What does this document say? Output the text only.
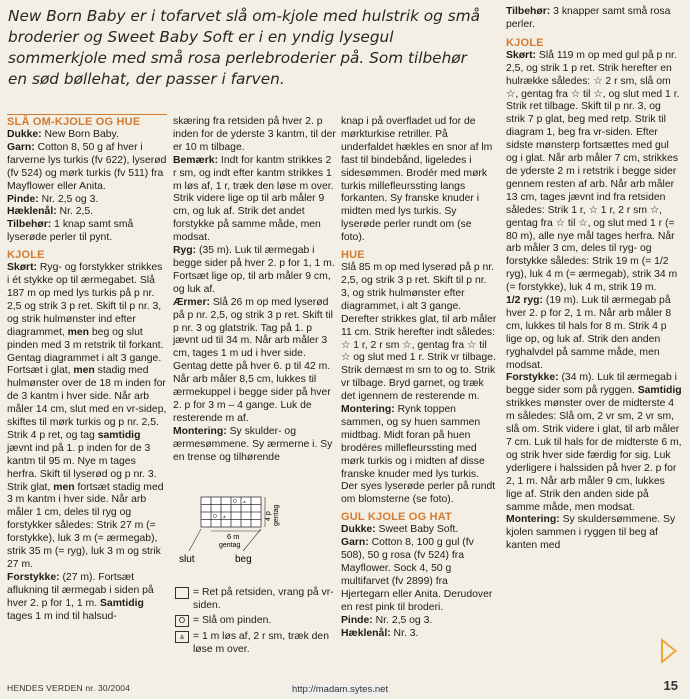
New Born Baby er i tofarvet slå om-kjole med hulstrik og små broderier og Sweet Baby Soft er i en yndig lysegul sommerkjole med små rosa perlebroderier på. Som tilbehør en sød bøllehat, der passer i farven.
SLÅ OM-KJOLE OG HUE

Dukke: New Born Baby.

Garn: Cotton 8, 50 g af hver i farverne lys turkis (fv 622), lyserød (fv 524) og mørk turkis (fv 511) fra Mayflower eller Anita.

Pinde: Nr. 2,5 og 3.

Hæklenål: Nr. 2,5.

Tilbehør: 1 knap samt små lyserøde perler til pynt.

KJOLE

Skørt: Ryg- og forstykker strikkes i ét stykke op til ærmegabet. Slå 187 m op med lys turkis på p nr. 2,5 og strik 3 p ret. Skift til p nr. 3, og strik hulmønster ind efter diagrammet, men beg og slut pinden med 3 m retstrik til forkant. Gentag diagrammet i alt 3 gange. Fortsæt i glat, men stadig med hulmønster over de 18 m inden for de 3 kantm i hver side. Når arb måler 14 cm, slut med en vr-sidep, skiftes til mørk turkis og p nr. 2,5. Strik 4 p ret, og tag samtidig jævnt ind på 1. p inden for de 3 kantm til 95 m. Nye m tages herfra. Skift til lyserød og p nr. 3. Strik glat, men fortsæt stadig med 3 m kantm i hver side. Når arb måler 1 cm, deles til ryg og forstykker således: Strik 27 m (= forstykke), luk 3 m (= ærmegab), strik 35 m (= ryg), luk 3 m og strik 27 m.

Forstykke: (27 m). Fortsæt aflukning til ærmegab i siden på hver 2. p for 1, 1 m. Samtidig tages 1 m ind til halsud-

skæring fra retsiden på hver 2. p inden for de yderste 3 kantm, til der er 10 m tilbage.

Bemærk: Indt for kantm strikkes 2 r sm, og indt efter kantm strikkes 1 m løs af, 1 r, træk den løse m over. Strik videre lige op til arb måler 9 cm, og luk af. Strik det andet forstykke på samme måde, men modsat.

Ryg: (35 m). Luk til ærmegab i begge sider på hver 2. p for 1, 1 m. Fortsæt lige op, til arb måler 9 cm, og luk af.

Ærmer: Slå 26 m op med lyserød på p nr. 2,5, og strik 3 p ret. Skift til p nr. 3 og glatstrik. Tag på 1. p jævnt ud til 34 m. Når arb måler 3 cm, tages 1 m ud i hver side. Gentag dette på hver 6. p til 42 m. Når arb måler 8,5 cm, lukkes til ærmekuppel i begge sider på hver 2. p for 3 m – 4 gange. Luk de resterende m af.

Montering: Sy skulder- og ærmesømmene. Sy ærmerne i. Sy en trense og tilhørende

O ⩓
O ⩓
4 p gentag
6 m
gentag
slut	beg
= Ret på retsiden, vrang på vr-siden.
O = Slå om pinden.
⩓ = 1 m løs af, 2 r sm, træk den løse m over.

knap i på overfladet ud for de mørkturkise retriller. På underfaldet hækles en snor af lm fast til bindebånd, ligeledes i sidesømmen. Brodér med mørk turkis millefleurssting langs forkanten. Sy franske knuder i midten med lys turkis. Sy lyserøde perler rundt om (se foto).

HUE

Slå 85 m op med lyserød på p nr. 2,5, og strik 3 p ret. Skift til p nr. 3, og strik hulmønster efter diagrammet, i alt 3 gange. Derefter strikkes glat, til arb måler 11 cm. Strik herefter indt således: ☆ 1 r, 2 r sm ☆, gentag fra ☆ til ☆ og slut med 1 r. Strik vr tilbage. Strik dernæst m sm to og to. Strik vr tilbage. Bryd garnet, og træk det igennem de resterende m.

Montering: Rynk toppen sammen, og sy huen sammen midtbag. Midt foran på huen brodéres millefleurssting med mørk turkis og i midten af disse franske knuder med lys turkis. Der syes lyserøde perler på rundt om blomsterne (se foto).

GUL KJOLE OG HAT

Dukke: Sweet Baby Soft.

Garn: Cotton 8, 100 g gul (fv 508), 50 g rosa (fv 524) fra Mayflower. Sock 4, 50 g multifarvet (fv 2899) fra Hjertegarn eller Anita. Derudover en rest pink til broderi.

Pinde: Nr. 2,5 og 3.

Hæklenål: Nr. 3.

Tilbehør: 3 knapper samt små rosa perler.

KJOLE

Skørt: Slå 119 m op med gul på p nr. 2,5, og strik 1 p ret. Strik herefter en hulrække således: ☆ 2 r sm, slå om ☆, gentag fra ☆ til ☆, og slut med 1 r. Strik ret tilbage. Skift til p nr. 3, og strik 7 p glat, beg med retp. Strik til diagram 1, beg fra vr-siden. Efter sidste mønsterp fortsættes med gul og i glat. Når arb måler 7 cm, strikkes de yderste 2 m i retstrik i begge sider gennem resten af arb. Når arb måler 13 cm, tages jævnt ind fra retsiden således: Strik 1 r, ☆ 1 r, 2 r sm ☆, gentag fra ☆ til ☆, og slut med 1 r (= 80 m), alle nye mål tages herfra. Når arb måler 3 cm, deles til ryg- og forstykke således: Strik 19 m (= 1/2 ryg), luk 4 m (= ærmegab), strik 34 m (= forstykke), luk 4 m, strik 19 m.

1/2 ryg: (19 m). Luk til ærmegab på hver 2. p for 2, 1 m. Når arb måler 8 cm, lukkes til hals for 8 m. Strik 4 p lige op, og luk af. Strik den anden ryghalvdel på samme måde, men modsat.

Forstykke: (34 m). Luk til ærmegab i begge sider som på ryggen. Samtidig strikkes mønster over de midterste 4 m således: Slå om, 2 vr sm, 2 vr sm, slå om. Strik videre i glat, til arb måler 7 cm. Luk til hals for de midterste 6 m, og strik hver side færdig for sig. Luk yderligere i halssiden på hver 2. p for 2, 1 m. Når arb måler 9 cm, lukkes lige af. Strik den anden side på samme måde, men modsat.

Montering: Sy skuldersømmene. Sy kjolen sammen i ryggen til beg af kanten med

HENDES VERDEN nr. 30/2004	http://madam.sytes.net	15
